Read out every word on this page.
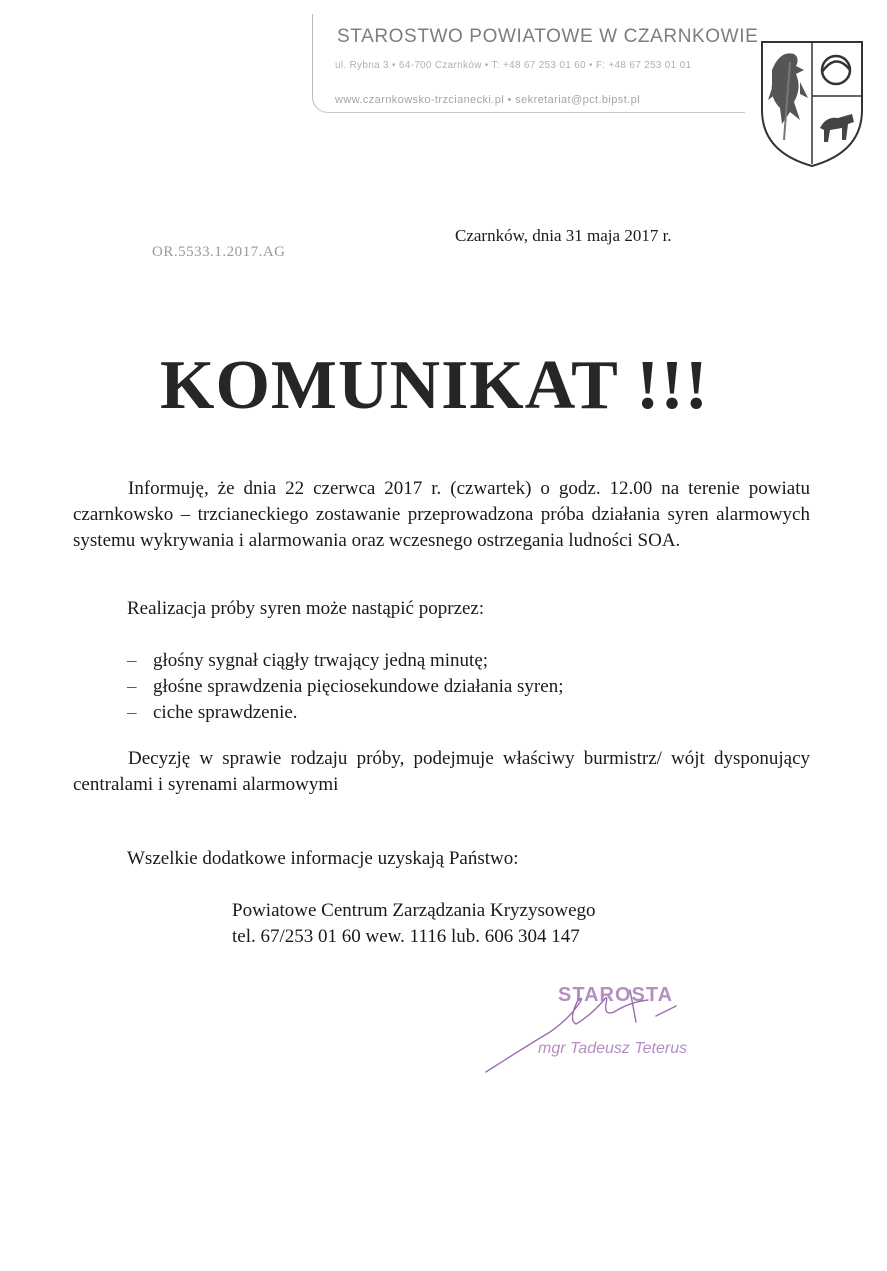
STAROSTWO POWIATOWE W CZARNKOWIE
ul. Rybna 3 • 64-700 Czarnków • T: +48 67 253 01 60 • F: +48 67 253 01 01
www.czarnkowsko-trzcianecki.pl • sekretariat@pct.bipst.pl
Czarnków, dnia 31 maja 2017 r.
OR.5533.1.2017.AG
KOMUNIKAT !!!
Informuję, że dnia 22 czerwca 2017 r. (czwartek) o godz. 12.00 na terenie powiatu czarnkowsko – trzcianeckiego zostawanie przeprowadzona próba działania syren alarmowych systemu wykrywania i alarmowania oraz wczesnego ostrzegania ludności SOA.
Realizacja próby syren może nastąpić poprzez:
– głośny sygnał ciągły trwający jedną minutę;
– głośne sprawdzenia pięciosekundowe działania syren;
– ciche sprawdzenie.
Decyzję w sprawie rodzaju próby, podejmuje właściwy burmistrz/ wójt dysponujący centralami i syrenami alarmowymi
Wszelkie dodatkowe informacje uzyskają Państwo:
Powiatowe Centrum Zarządzania Kryzysowego
tel. 67/253 01 60 wew. 1116 lub. 606 304 147
STAROSTA
mgr Tadeusz Teterus
